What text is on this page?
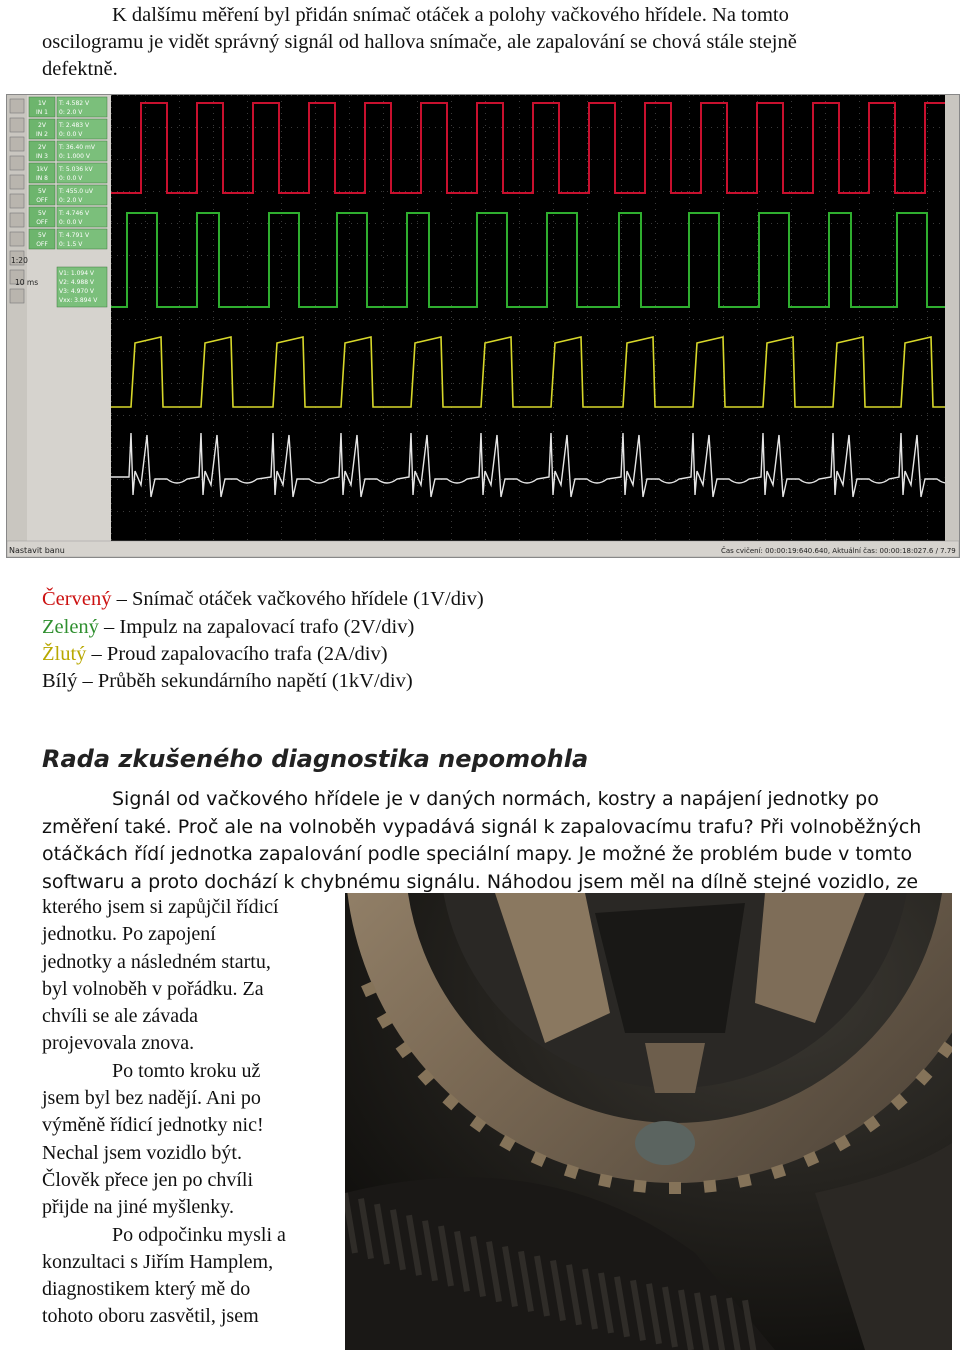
K dalšímu měření byl přidán snímač otáček a polohy vačkového hřídele. Na tomto
oscilogramu je vidět správný signál od hallova snímače, ale zapalování se chová stále stejně
defektně.
1V
IN 1
T: 4.582 V
0: 2.0 V
2V
IN 2
T: 2.483 V
0: 0.0 V
2V
IN 3
T: 36.40 mV
0: 1.000 V
1kV
IN 8
T: 5.036 kV
0: 0.0 V
5V
OFF
T: 455.0 uV
0: 2.0 V
5V
OFF
T: 4.746 V
0: 0.0 V
5V
OFF
T: 4.791 V
0: 1.5 V
Nastavit banu	Čas cvičení: 00:00:19:640.640, Aktuální čas: 00:00:18:027.6 / 7.79
1:20
10 ms
V1: 1.094 V
V2: 4.988 V
V3: 4.970 V
Vxx: 3.894 V
Červený – Snímač otáček vačkového hřídele (1V/div)
Zelený – Impulz na zapalovací trafo (2V/div)
Žlutý – Proud zapalovacího trafa (2A/div)
Bílý – Průběh sekundárního napětí (1kV/div)
Rada zkušeného diagnostika nepomohla
Signál od vačkového hřídele je v daných normách, kostry a napájení jednotky po
změření také. Proč ale na volnoběh vypadává signál k zapalovacímu trafu? Při volnoběžných
otáčkách řídí jednotka zapalování podle speciální mapy. Je možné že problém bude v tomto
softwaru a proto dochází k chybnému signálu. Náhodou jsem měl na dílně stejné vozidlo, ze
kterého jsem si zapůjčil řídicí
jednotku. Po zapojení
jednotky a následném startu,
byl volnoběh v pořádku. Za
chvíli se ale závada
projevovala znova.
Po tomto kroku už
jsem byl bez nadějí. Ani po
výměně řídicí jednotky nic!
Nechal jsem vozidlo být.
Člověk přece jen po chvíli
přijde na jiné myšlenky.
Po odpočinku mysli a
konzultaci s Jiřím Hamplem,
diagnostikem který mě do
tohoto oboru zasvětil, jsem
